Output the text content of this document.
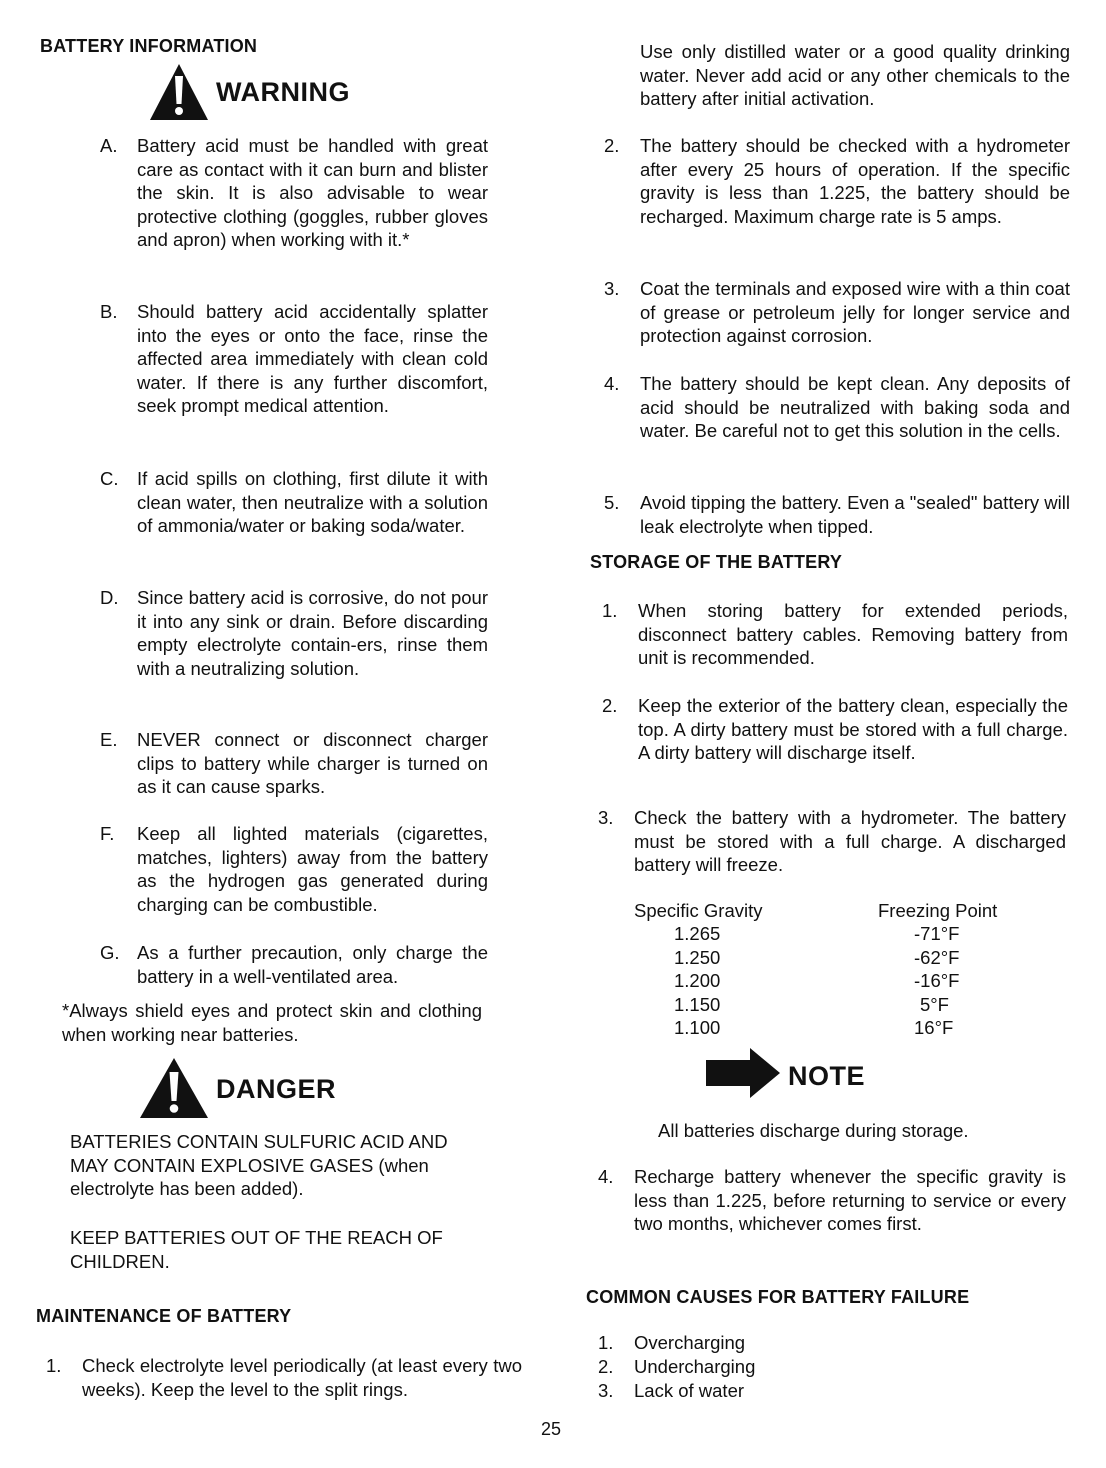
BATTERY INFORMATION
WARNING
A.	Battery acid must be handled with great care as contact with it can burn and blister the skin. It is also advisable to wear protective clothing (goggles, rubber gloves and apron) when working with it.*
B.	Should battery acid accidentally splatter into the eyes or onto the face, rinse the affected area immediately with clean cold water. If there is any further discomfort, seek prompt medical attention.
C.	If acid spills on clothing, first dilute it with clean water, then neutralize with a solution of ammonia/water or baking soda/water.
D.	Since battery acid is corrosive, do not pour it into any sink or drain. Before discarding empty electrolyte contain-ers, rinse them with a neutralizing solution.
E.	NEVER connect or disconnect charger clips to battery while charger is turned on as it can cause sparks.
F.	Keep all lighted materials (cigarettes, matches, lighters) away from the battery as the hydrogen gas generated during charging can be combustible.
G. As a further precaution, only charge the battery in a well-ventilated area.
*Always shield eyes and protect skin and clothing when working near batteries.
DANGER
BATTERIES CONTAIN SULFURIC ACID AND MAY CONTAIN EXPLOSIVE GASES (when electrolyte has been added).
KEEP BATTERIES OUT OF THE REACH OF CHILDREN.
MAINTENANCE OF BATTERY
1.	Check electrolyte level periodically (at least every two weeks). Keep the level to the split rings.
Use only distilled water or a good quality drinking water. Never add acid or any other chemicals to the battery after initial activation.
2.	The battery should be checked with a hydrometer after every 25 hours of operation. If the specific gravity is less than 1.225, the battery should be recharged. Maximum charge rate is 5 amps.
3.	Coat the terminals and exposed wire with a thin coat of grease or petroleum jelly for longer service and protection against corrosion.
4.	The battery should be kept clean. Any deposits of acid should be neutralized with baking soda and water. Be careful not to get this solution in the cells.
5.	Avoid tipping the battery. Even a "sealed" battery will leak electrolyte when tipped.
STORAGE OF THE BATTERY
1.	When storing battery for extended periods, disconnect battery cables. Removing battery from unit is recommended.
2.	Keep the exterior of the battery clean, especially the top. A dirty battery must be stored with a full charge. A dirty battery will discharge itself.
3.	Check the battery with a hydrometer. The battery must be stored with a full charge. A discharged battery will freeze.
Specific Gravity	Freezing Point
1.265	-71°F
1.250	-62°F
1.200	-16°F
1.150	5°F
1.100	16°F
NOTE
All batteries discharge during storage.
4.	Recharge battery whenever the specific gravity is less than 1.225, before returning to service or every two months, whichever comes first.
COMMON CAUSES FOR BATTERY FAILURE
1.	Overcharging
2.	Undercharging
3.	Lack of water
25
